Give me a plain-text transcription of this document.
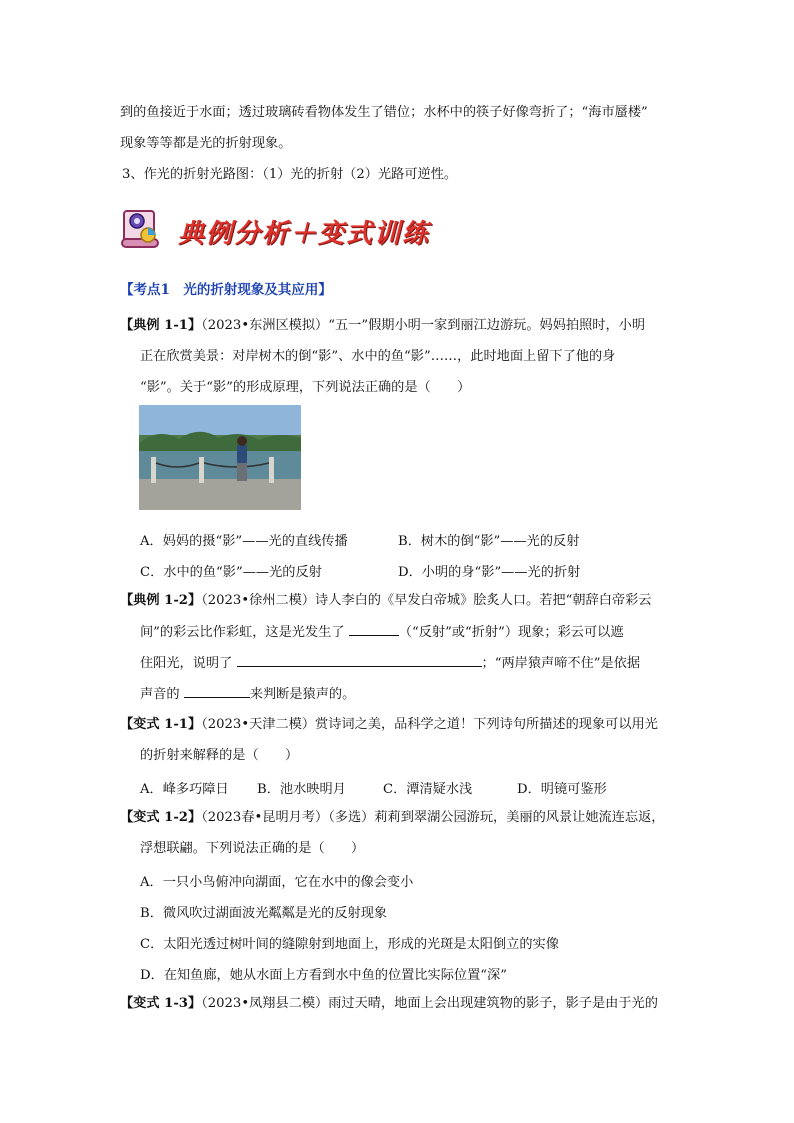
到的鱼接近于水面；透过玻璃砖看物体发生了错位；水杯中的筷子好像弯折了；“海市蜃楼”
现象等等都是光的折射现象。
3、作光的折射光路图：（1）光的折射（2）光路可逆性。
典例分析＋变式训练
【考点1　光的折射现象及其应用】
【典例 1-1】（2023•东洲区模拟）“五一”假期小明一家到丽江边游玩。妈妈拍照时，小明
正在欣赏美景：对岸树木的倒“影”、水中的鱼“影”……，此时地面上留下了他的身
“影”。关于“影”的形成原理，下列说法正确的是（　　）
A．妈妈的摄“影”——光的直线传播	B．树木的倒“影”——光的反射
C．水中的鱼“影”——光的反射	D．小明的身“影”——光的折射
【典例 1-2】（2023•徐州二模）诗人李白的《早发白帝城》脍炙人口。若把“朝辞白帝彩云
间”的彩云比作彩虹，这是光发生了	（“反射”或“折射”）现象；彩云可以遮
住阳光，说明了	；“两岸猿声啼不住”是依据
声音的	来判断是猿声的。
【变式 1-1】（2023•天津二模）赏诗词之美，品科学之道！下列诗句所描述的现象可以用光
的折射来解释的是（　　）
A．峰多巧障日 B．池水映明月	C．潭清疑水浅	D．明镜可鉴形
【变式 1-2】（2023春•昆明月考）（多选）莉莉到翠湖公园游玩，美丽的风景让她流连忘返，
浮想联翩。下列说法正确的是（　　）
A．一只小鸟俯冲向湖面，它在水中的像会变小
B．微风吹过湖面波光粼粼是光的反射现象
C．太阳光透过树叶间的缝隙射到地面上，形成的光斑是太阳倒立的实像
D．在知鱼廊，她从水面上方看到水中鱼的位置比实际位置“深”
【变式 1-3】（2023•凤翔县二模）雨过天晴，地面上会出现建筑物的影子，影子是由于光的
